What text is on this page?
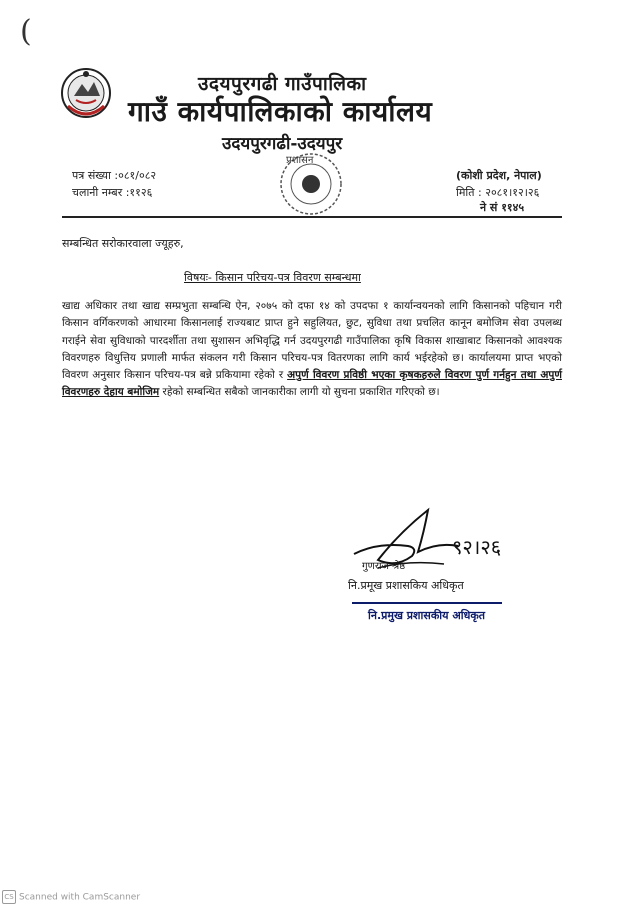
(
उदयपुरगढी गाउँपालिका
गाउँ कार्यपालिकाको कार्यालय
उदयपुरगढी-उदयपुर
प्रशासन
पत्र संख्या :०८१/०८२
चलानी नम्बर :११२६
(कोशी प्रदेश, नेपाल)
मिति : २०८१।१२।२६
ने सं ११४५
सम्बन्धित सरोकारवाला ज्यूहरु,
विषयः- किसान परिचय-पत्र विवरण सम्बन्धमा
खाद्य अधिकार तथा खाद्य सम्प्रभुता सम्बन्धि ऐन, २०७५ को दफा १४ को उपदफा १ कार्यान्वयनको लागि किसानको पहिचान गरी किसान वर्गिकरणको आधारमा किसानलाई राज्यबाट प्राप्त हुने सहुलियत, छुट, सुविधा तथा प्रचलित कानून बमोजिम सेवा उपलब्ध गराईने सेवा सुविधाको पारदर्शीता तथा सुशासन अभिवृद्धि गर्न उदयपुरगढी गाउँपालिका कृषि विकास शाखाबाट किसानको आवश्यक विवरणहरु विधुत्तिय प्रणाली मार्फत संकलन गरी किसान परिचय-पत्र वितरणका लागि कार्य भईरहेको छ। कार्यालयमा प्राप्त भएको विवरण अनुसार किसान परिचय-पत्र बन्ने प्रकियामा रहेको र अपुर्ण विवरण प्रविष्ठी भएका कृषकहरुले विवरण पुर्ण गर्नहुन तथा अपुर्ण विवरणहरु देहाय बमोजिम रहेको सम्बन्धित सबैको जानकारीका लागी यो सुचना प्रकाशित गरिएको छ।
९२।२६
गुणराज श्रेष्ठ
नि.प्रमूख प्रशासकिय अधिकृत
नि.प्रमुख प्रशासकीय अधिकृत
CS Scanned with CamScanner
